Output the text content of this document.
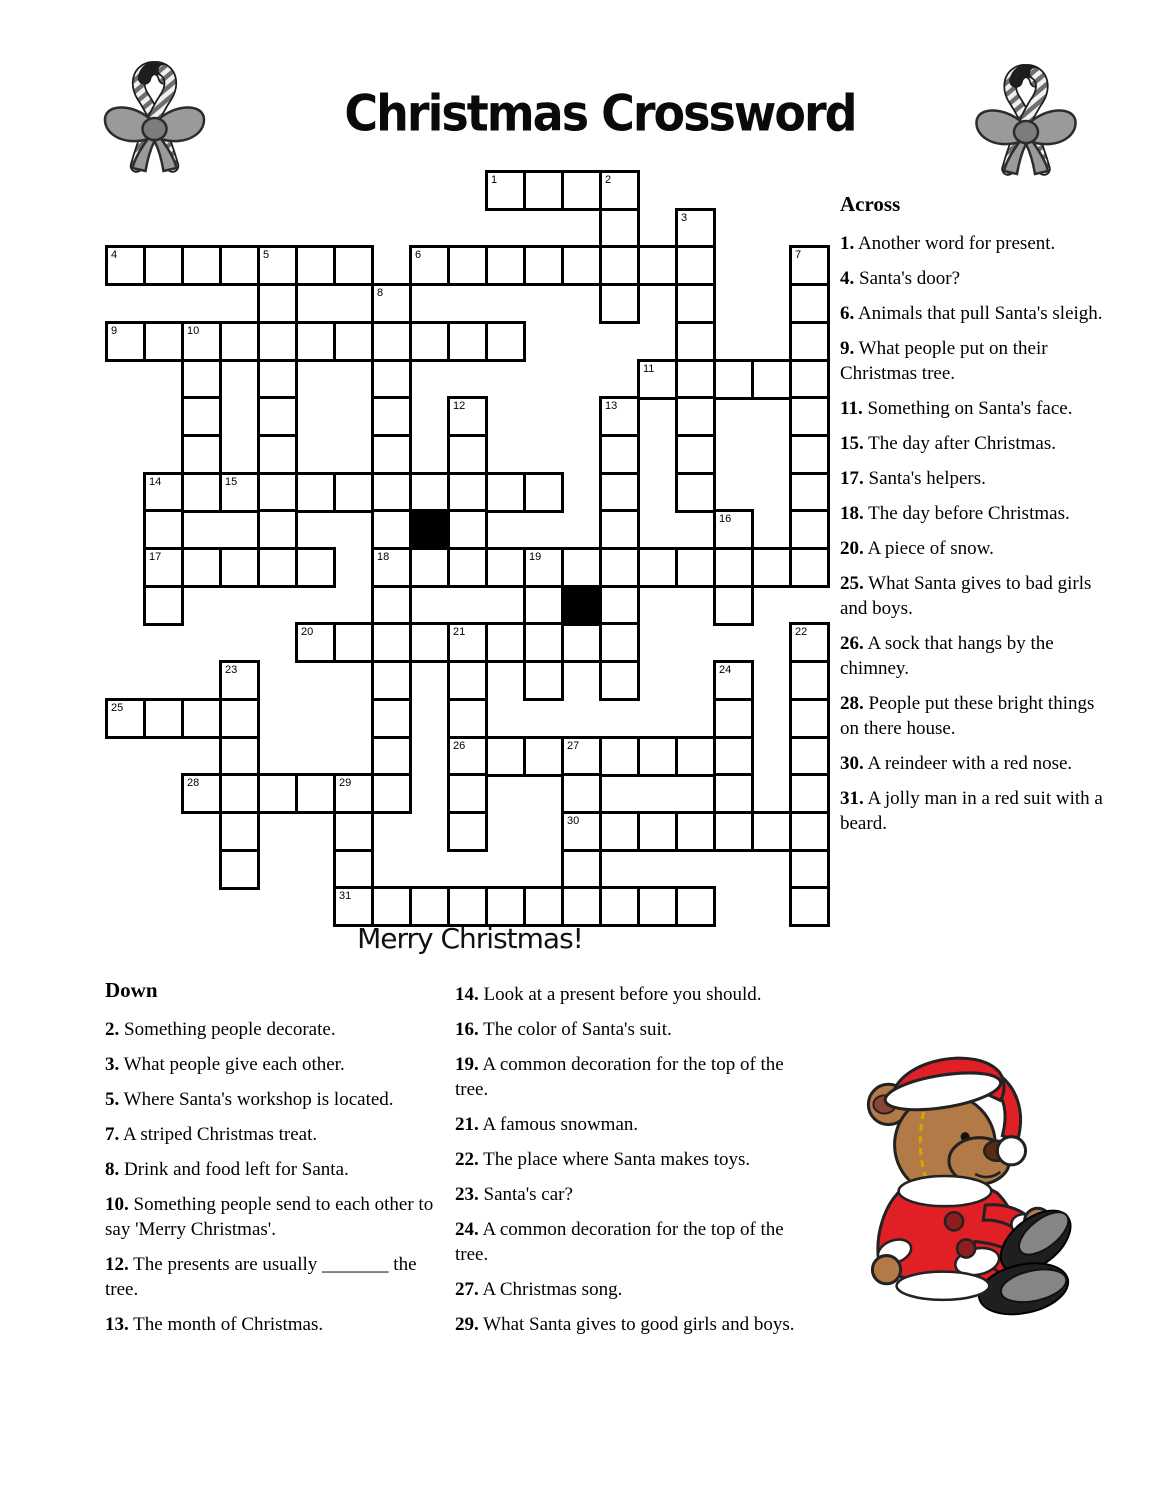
Christmas Crossword
1	2
3
4	5	6	7
8
9	10
11
12	13
14	15
16
17	18	19
20	21	22
23	24
25
26	27
28	29
30
31
Merry Christmas!
Across
1. Another word for present.
4. Santa's door?
6. Animals that pull Santa's sleigh.
9. What people put on their Christmas tree.
11. Something on Santa's face.
15. The day after Christmas.
17. Santa's helpers.
18. The day before Christmas.
20. A piece of snow.
25. What Santa gives to bad girls and boys.
26. A sock that hangs by the chimney.
28. People put these bright things on there house.
30. A reindeer with a red nose.
31. A jolly man in a red suit with a beard.
Down
2. Something people decorate.
3. What people give each other.
5. Where Santa's workshop is located.
7. A striped Christmas treat.
8. Drink and food left for Santa.
10. Something people send to each other to say 'Merry Christmas'.
12. The presents are usually _______ the tree.
13. The month of Christmas.
14. Look at a present before you should.
16. The color of Santa's suit.
19. A common decoration for the top of the tree.
21. A famous snowman.
22. The place where Santa makes toys.
23. Santa's car?
24. A common decoration for the top of the tree.
27. A Christmas song.
29. What Santa gives to good girls and boys.
